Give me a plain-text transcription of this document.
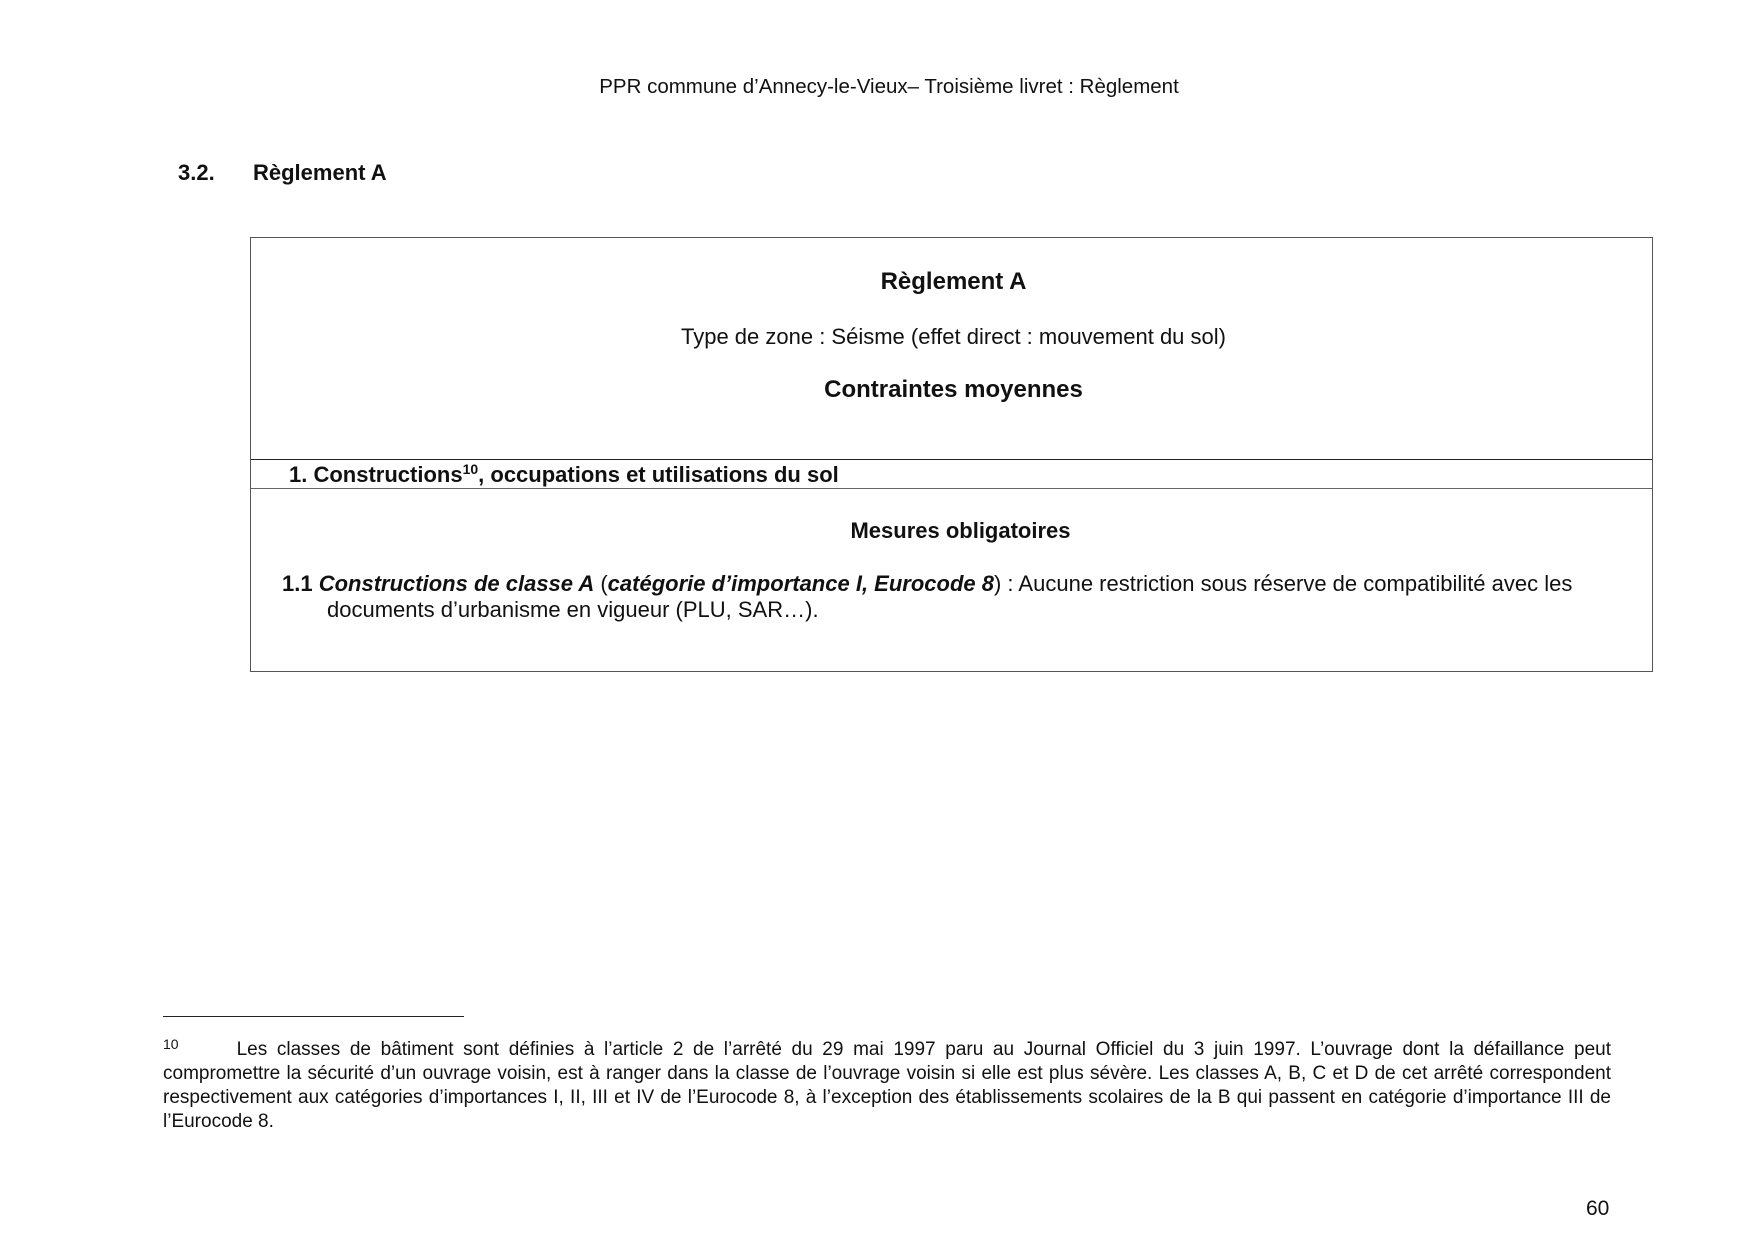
PPR commune d’Annecy-le-Vieux– Troisième livret : Règlement
3.2. Règlement A
Règlement A
Type de zone : Séisme (effet direct : mouvement du sol)
Contraintes moyennes
1. Constructions$^{10}$, occupations et utilisations du sol
Mesures obligatoires
1.1 Constructions de classe A (catégorie d’importance I, Eurocode 8) : Aucune restriction sous réserve de compatibilité avec les
documents d’urbanisme en vigueur (PLU, SAR…).
$^{10}$	Les classes de bâtiment sont définies à l’article 2 de l’arrêté du 29 mai 1997 paru au Journal Officiel du 3 juin 1997. L’ouvrage dont la défaillance peut compromettre la sécurité d’un ouvrage voisin, est à ranger dans la classe de l’ouvrage voisin si elle est plus sévère. Les classes A, B, C et D de cet arrêté correspondent respectivement aux catégories d’importances I, II, III et IV de l’Eurocode 8, à l’exception des établissements scolaires de la B qui passent en catégorie d’importance III de l’Eurocode 8.
60
